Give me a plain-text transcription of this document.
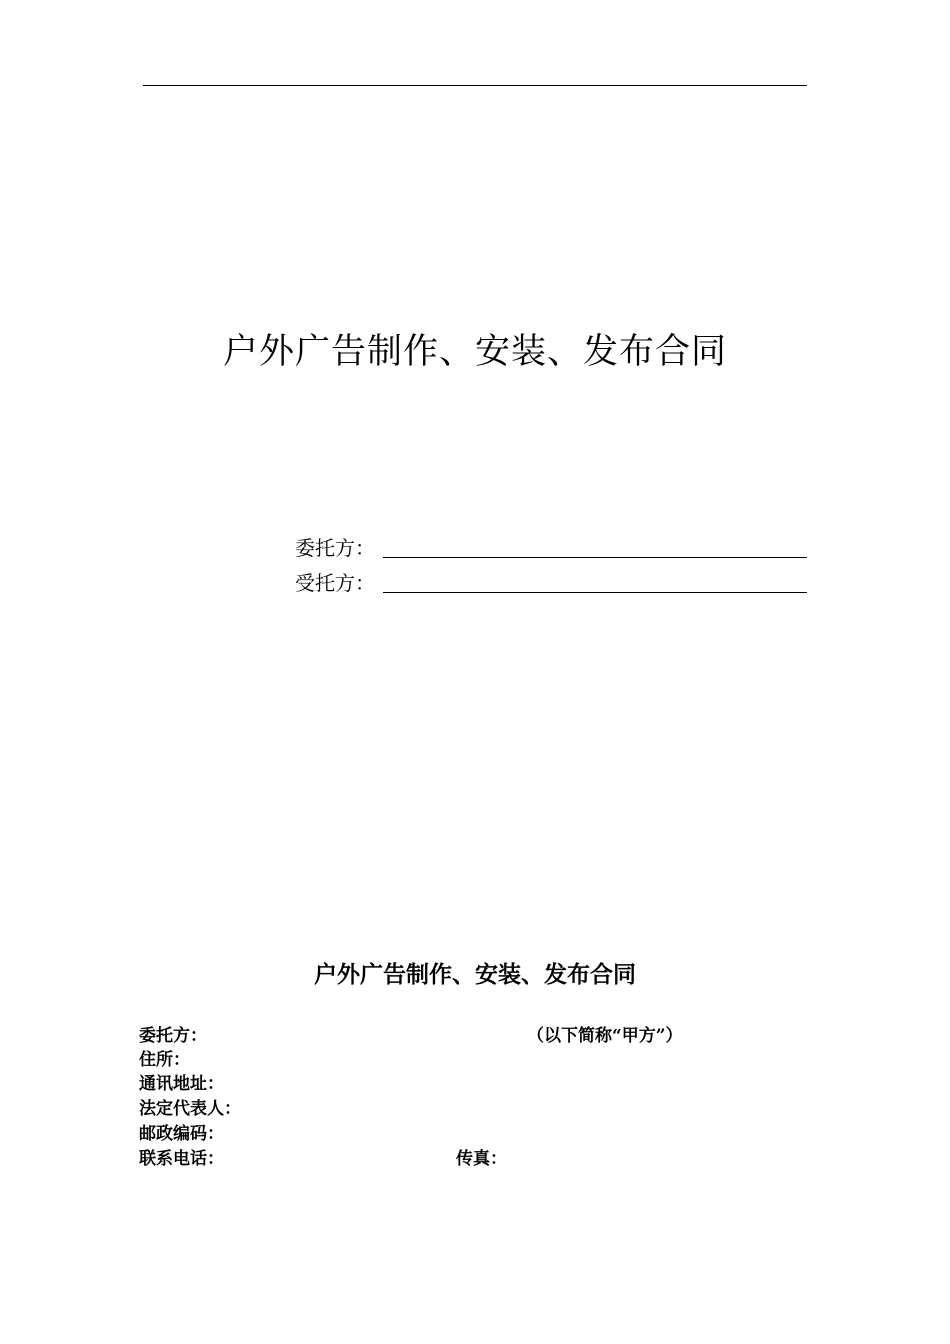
户外广告制作、安装、发布合同
委托方：
受托方：
户外广告制作、安装、发布合同
委托方：	（以下简称“甲方”）
住所：
通讯地址：
法定代表人：
邮政编码：
联系电话：	传真：
